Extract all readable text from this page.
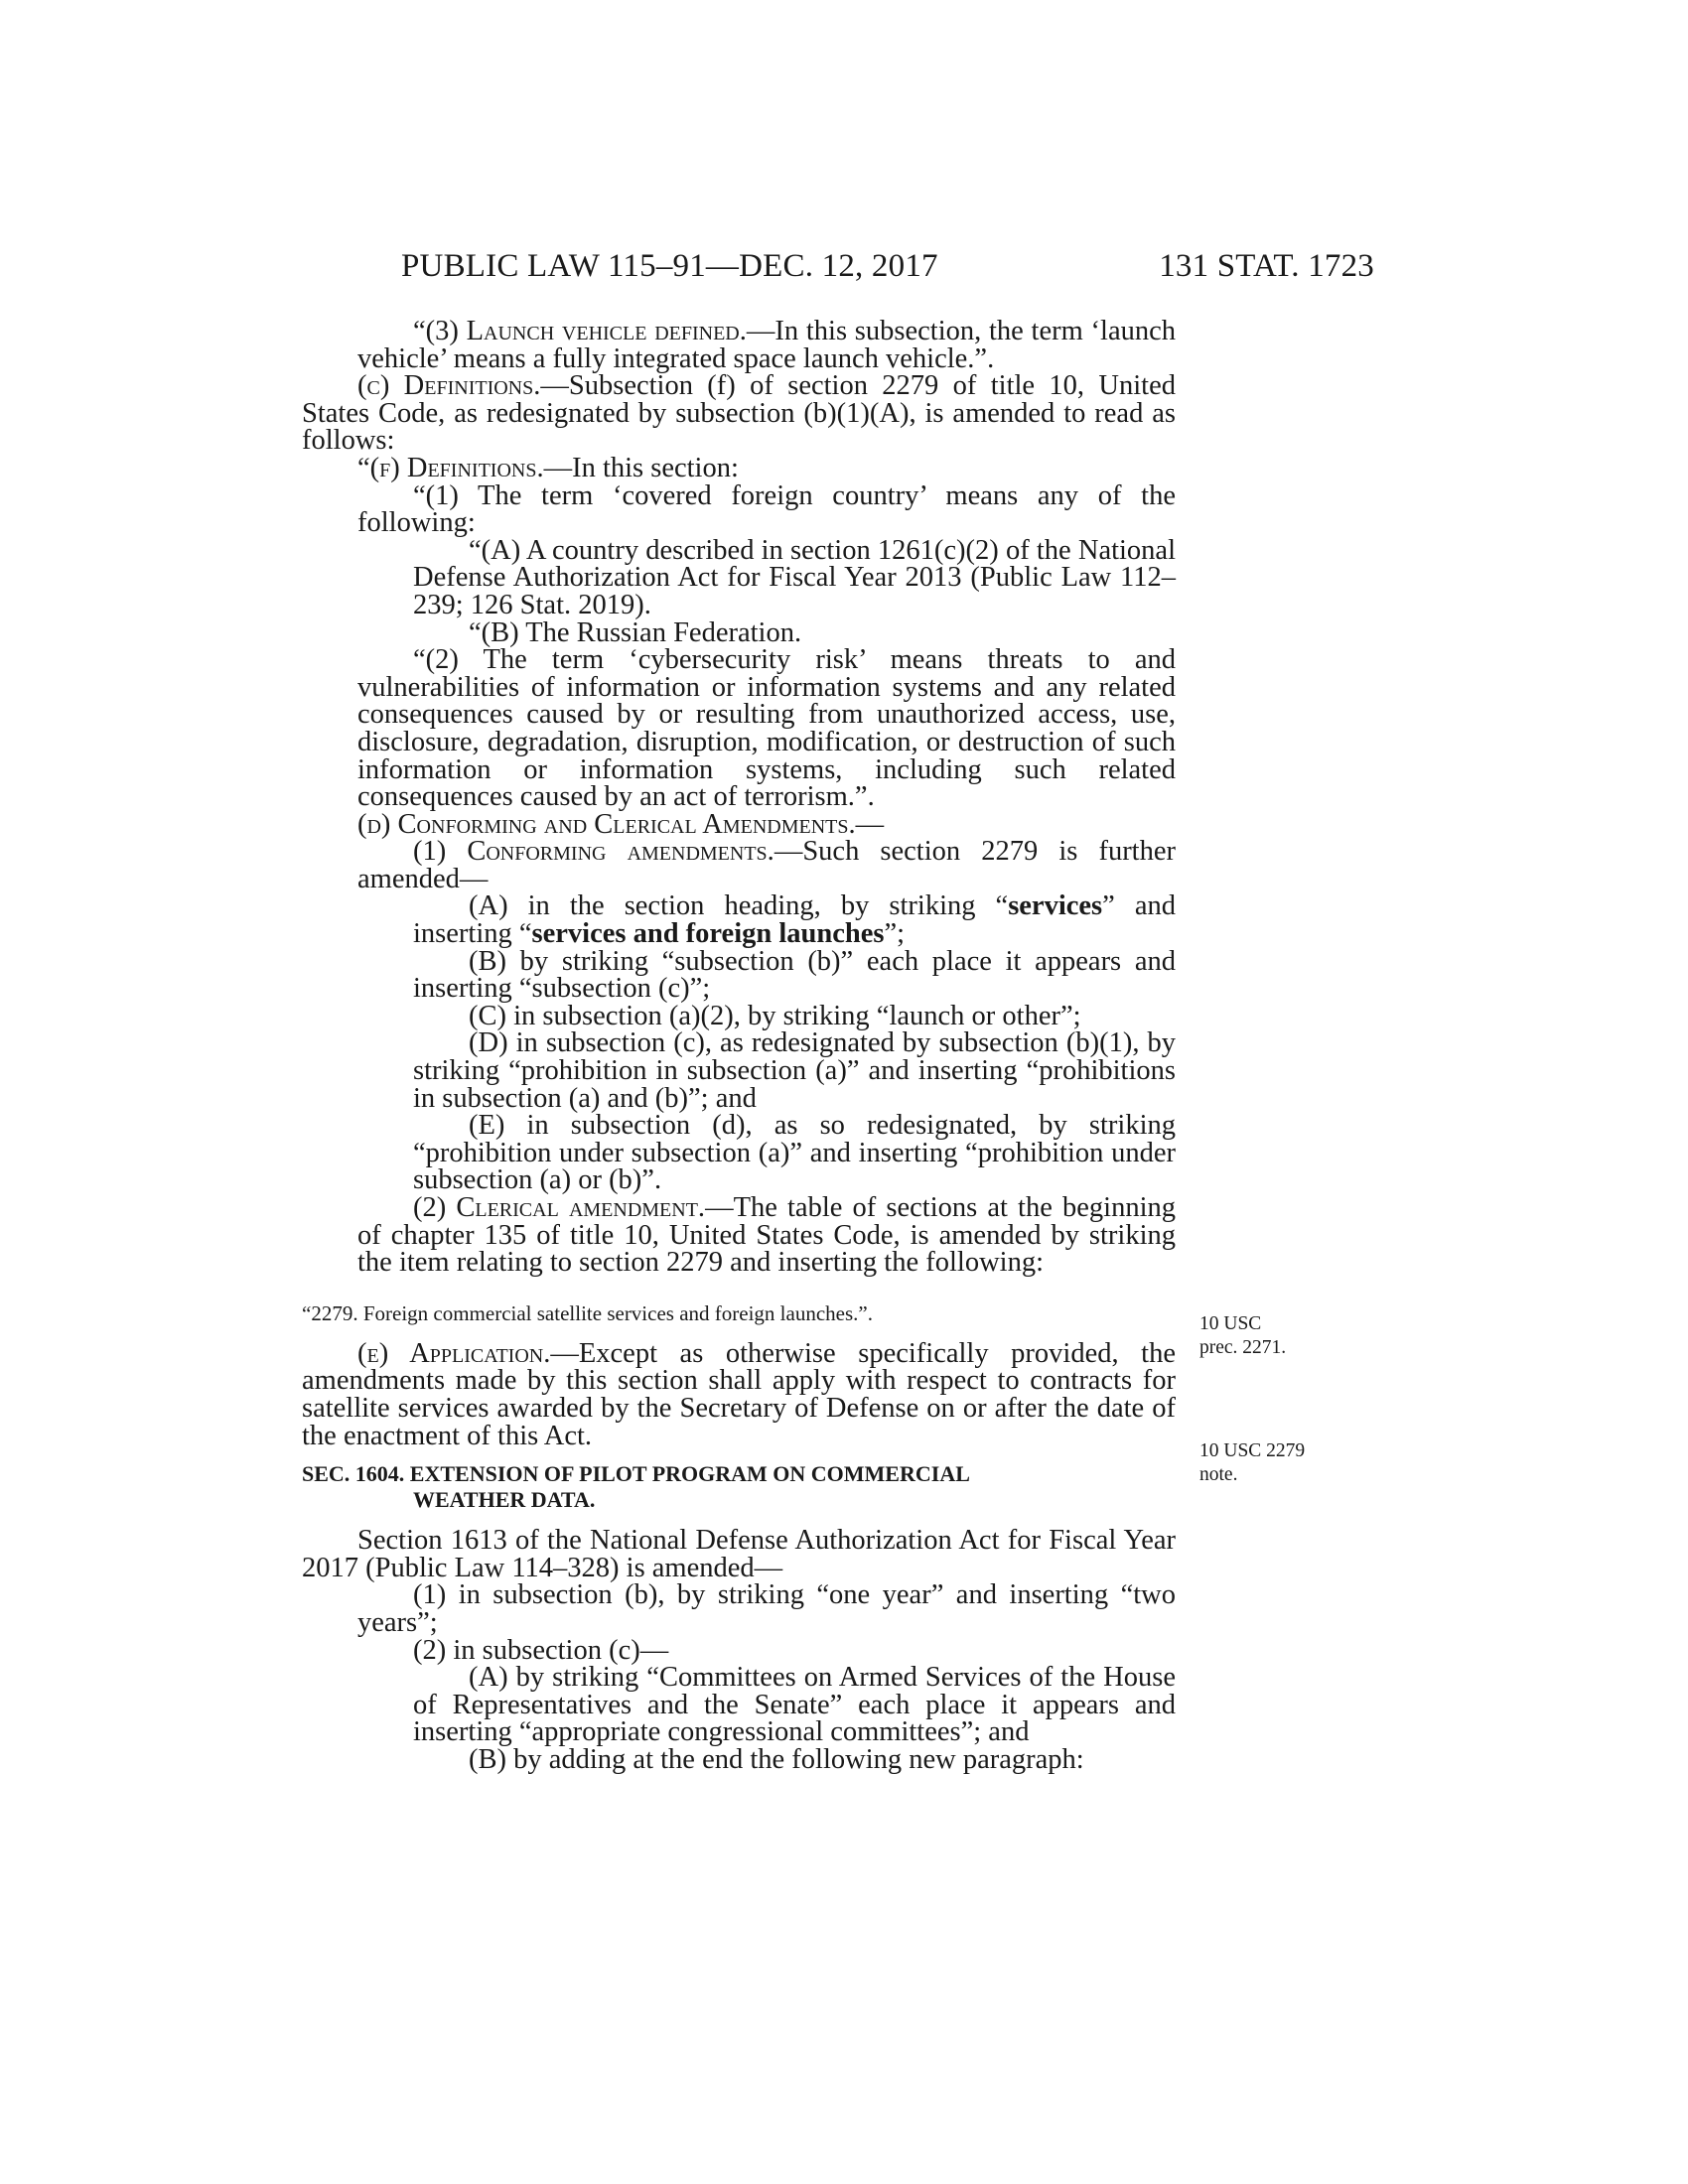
PUBLIC LAW 115–91—DEC. 12, 2017	131 STAT. 1723

“(3) Launch vehicle defined.—In this subsection, the term ‘launch vehicle’ means a fully integrated space launch vehicle.”.

(c) Definitions.—Subsection (f) of section 2279 of title 10, United States Code, as redesignated by subsection (b)(1)(A), is amended to read as follows:

“(f) Definitions.—In this section:

“(1) The term ‘covered foreign country’ means any of the following:

“(A) A country described in section 1261(c)(2) of the National Defense Authorization Act for Fiscal Year 2013 (Public Law 112–239; 126 Stat. 2019).

“(B) The Russian Federation.

“(2) The term ‘cybersecurity risk’ means threats to and vulnerabilities of information or information systems and any related consequences caused by or resulting from unauthorized access, use, disclosure, degradation, disruption, modification, or destruction of such information or information systems, including such related consequences caused by an act of terrorism.”.

(d) Conforming and Clerical Amendments.—

(1) Conforming amendments.—Such section 2279 is further amended—

(A) in the section heading, by striking “services” and inserting “services and foreign launches”;

(B) by striking “subsection (b)” each place it appears and inserting “subsection (c)”;

(C) in subsection (a)(2), by striking “launch or other”;

(D) in subsection (c), as redesignated by subsection (b)(1), by striking “prohibition in subsection (a)” and inserting “prohibitions in subsection (a) and (b)”; and

(E) in subsection (d), as so redesignated, by striking “prohibition under subsection (a)” and inserting “prohibition under subsection (a) or (b)”.

(2) Clerical amendment.—The table of sections at the beginning of chapter 135 of title 10, United States Code, is amended by striking the item relating to section 2279 and inserting the following:

“2279. Foreign commercial satellite services and foreign launches.”.

(e) Application.—Except as otherwise specifically provided, the amendments made by this section shall apply with respect to contracts for satellite services awarded by the Secretary of Defense on or after the date of the enactment of this Act.

SEC. 1604. EXTENSION OF PILOT PROGRAM ON COMMERCIAL
WEATHER DATA.

Section 1613 of the National Defense Authorization Act for Fiscal Year 2017 (Public Law 114–328) is amended—

(1) in subsection (b), by striking “one year” and inserting “two years”;

(2) in subsection (c)—

(A) by striking “Committees on Armed Services of the House of Representatives and the Senate” each place it appears and inserting “appropriate congressional committees”; and

(B) by adding at the end the following new paragraph:

10 USC
prec. 2271.
10 USC 2279
note.
